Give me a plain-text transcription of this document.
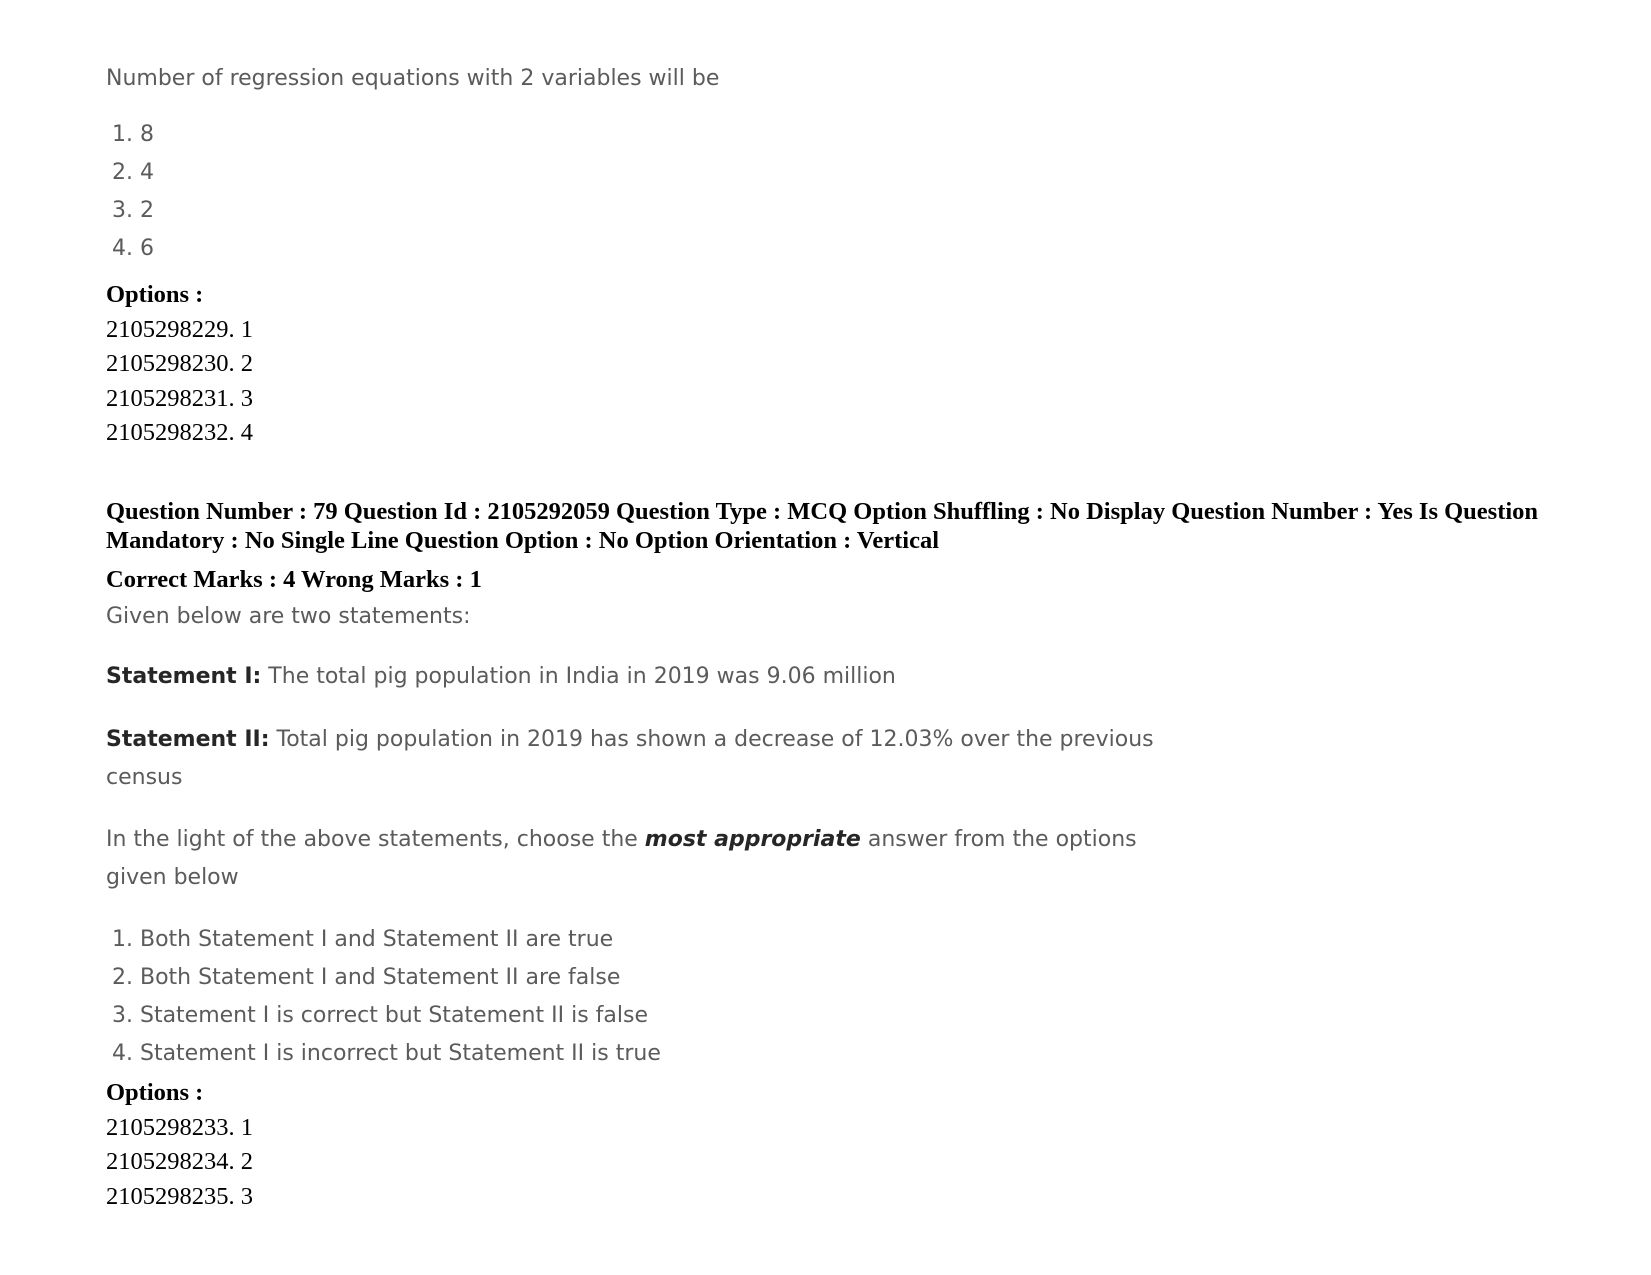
Number of regression equations with 2 variables will be
1. 8
2. 4
3. 2
4. 6
Options :
2105298229. 1
2105298230. 2
2105298231. 3
2105298232. 4
Question Number : 79 Question Id : 2105292059 Question Type : MCQ Option Shuffling : No Display Question Number : Yes Is Question Mandatory : No Single Line Question Option : No Option Orientation : Vertical
Correct Marks : 4 Wrong Marks : 1
Given below are two statements:
Statement I: The total pig population in India in 2019 was 9.06 million
Statement II: Total pig population in 2019 has shown a decrease of 12.03% over the previous census
In the light of the above statements, choose the most appropriate answer from the options given below
1. Both Statement I and Statement II are true
2. Both Statement I and Statement II are false
3. Statement I is correct but Statement II is false
4. Statement I is incorrect but Statement II is true
Options :
2105298233. 1
2105298234. 2
2105298235. 3
